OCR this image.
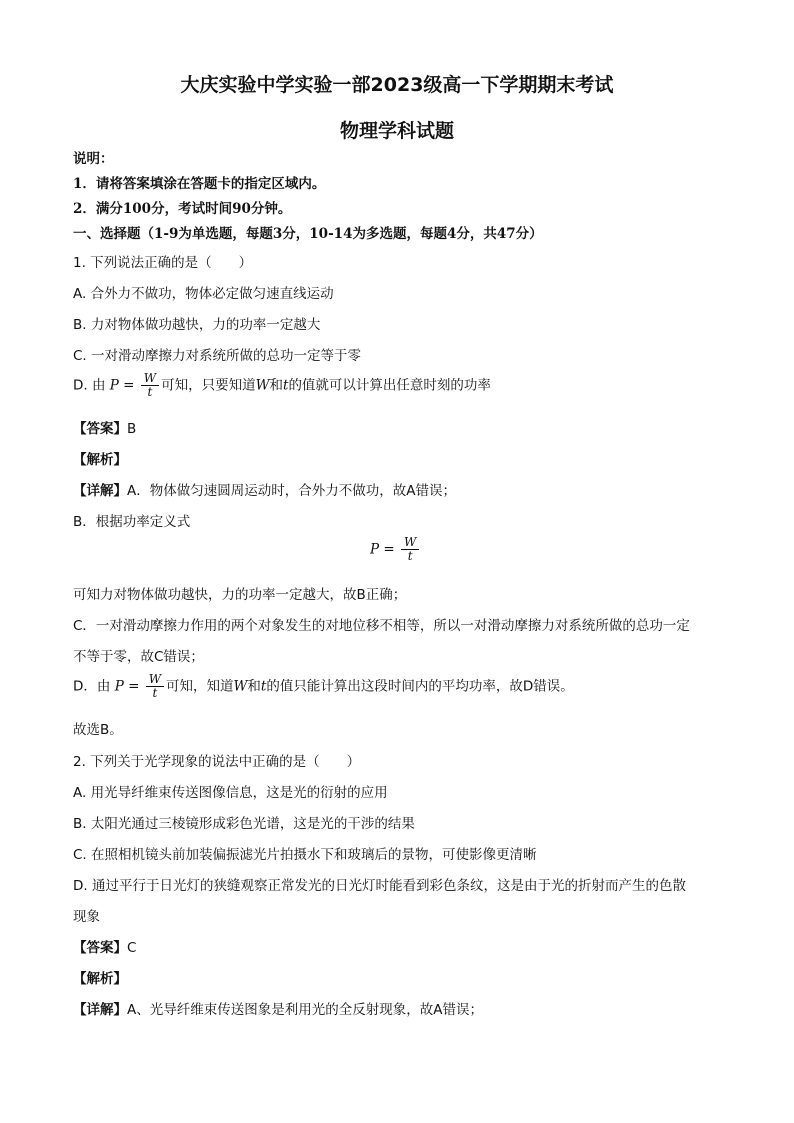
大庆实验中学实验一部2023级高一下学期期末考试
物理学科试题
说明：
1．请将答案填涂在答题卡的指定区域内。
2．满分100分，考试时间90分钟。
一、选择题（1-9为单选题，每题3分，10-14为多选题，每题4分，共47分）
1. 下列说法正确的是（　　）
A. 合外力不做功，物体必定做匀速直线运动
B. 力对物体做功越快，力的功率一定越大
C. 一对滑动摩擦力对系统所做的总功一定等于零
D. 由 $P = \frac{W}{t}$ 可知，只要知道W和t的值就可以计算出任意时刻的功率
【答案】B
【解析】
【详解】A．物体做匀速圆周运动时，合外力不做功，故A错误；
B．根据功率定义式
$P = \frac{W}{t}$
可知力对物体做功越快，力的功率一定越大，故B正确；
C．一对滑动摩擦力作用的两个对象发生的对地位移不相等，所以一对滑动摩擦力对系统所做的总功一定
不等于零，故C错误；
D．由 $P = \frac{W}{t}$ 可知，知道W和t的值只能计算出这段时间内的平均功率，故D错误。
故选B。
2. 下列关于光学现象的说法中正确的是（　　）
A. 用光导纤维束传送图像信息，这是光的衍射的应用
B. 太阳光通过三棱镜形成彩色光谱，这是光的干涉的结果
C. 在照相机镜头前加装偏振滤光片拍摄水下和玻璃后的景物，可使影像更清晰
D. 通过平行于日光灯的狭缝观察正常发光的日光灯时能看到彩色条纹，这是由于光的折射而产生的色散
现象
【答案】C
【解析】
【详解】A、光导纤维束传送图象是利用光的全反射现象，故A错误；
